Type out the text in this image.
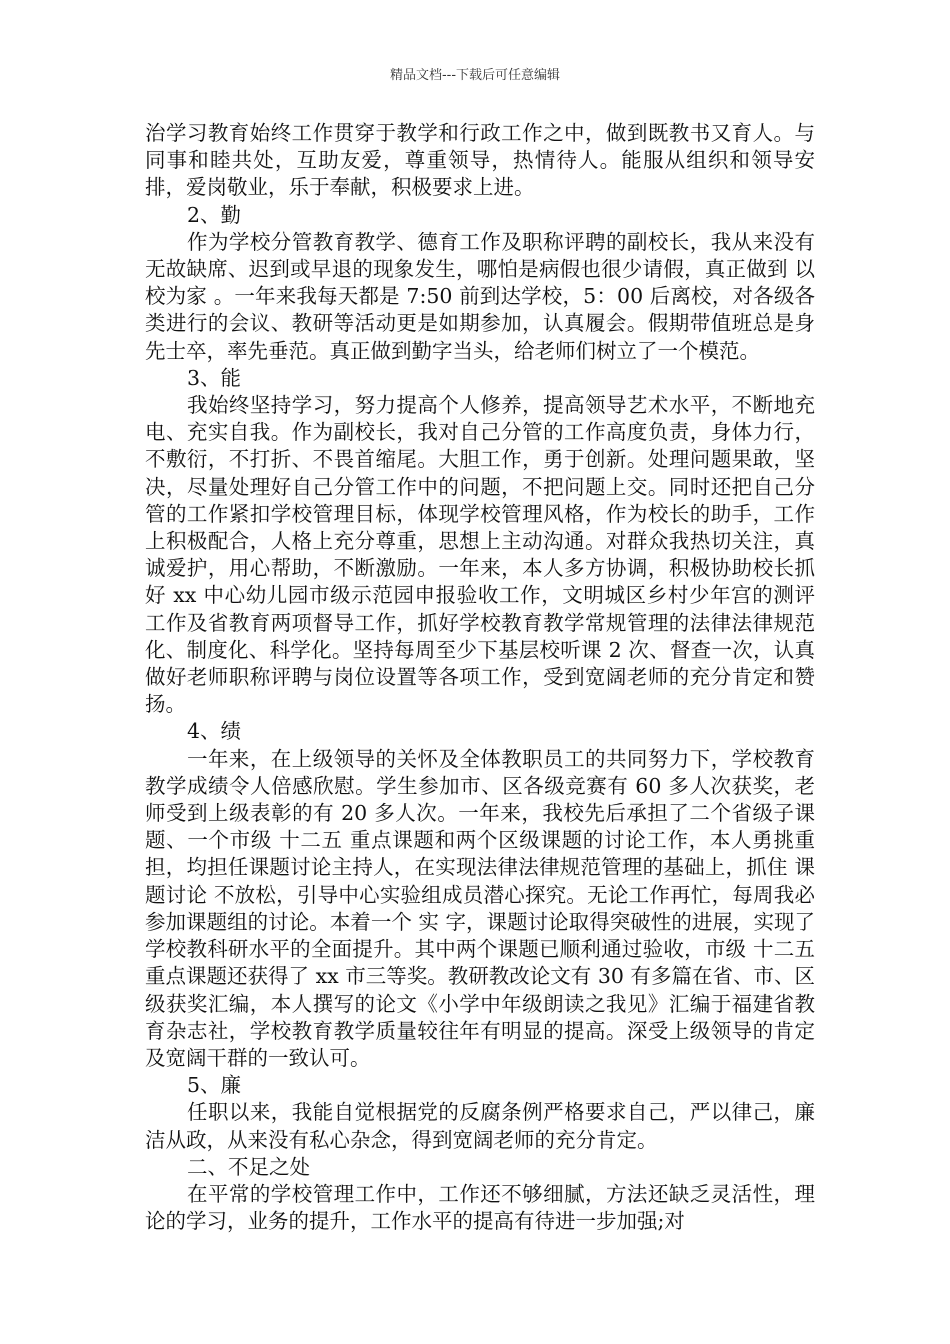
精品文档---下载后可任意编辑

治学习教育始终工作贯穿于教学和行政工作之中，做到既教书又育人。与同事和睦共处，互助友爱，尊重领导，热情待人。能服从组织和领导安排，爱岗敬业，乐于奉献，积极要求上进。

2、勤

作为学校分管教育教学、德育工作及职称评聘的副校长，我从来没有无故缺席、迟到或早退的现象发生，哪怕是病假也很少请假，真正做到 以校为家 。一年来我每天都是 7:50 前到达学校，5：00 后离校，对各级各类进行的会议、教研等活动更是如期参加，认真履会。假期带值班总是身先士卒，率先垂范。真正做到勤字当头，给老师们树立了一个模范。

3、能

我始终坚持学习，努力提高个人修养，提高领导艺术水平，不断地充电、充实自我。作为副校长，我对自己分管的工作高度负责，身体力行，不敷衍，不打折、不畏首缩尾。大胆工作，勇于创新。处理问题果敢，坚决，尽量处理好自己分管工作中的问题，不把问题上交。同时还把自己分管的工作紧扣学校管理目标，体现学校管理风格，作为校长的助手，工作上积极配合，人格上充分尊重，思想上主动沟通。对群众我热切关注，真诚爱护，用心帮助，不断激励。一年来，本人多方协调，积极协助校长抓好 xx 中心幼儿园市级示范园申报验收工作，文明城区乡村少年宫的测评工作及省教育两项督导工作，抓好学校教育教学常规管理的法律法律规范化、制度化、科学化。坚持每周至少下基层校听课 2 次、督查一次，认真做好老师职称评聘与岗位设置等各项工作，受到宽阔老师的充分肯定和赞扬。

4、绩

一年来，在上级领导的关怀及全体教职员工的共同努力下，学校教育教学成绩令人倍感欣慰。学生参加市、区各级竞赛有 60 多人次获奖，老师受到上级表彰的有 20 多人次。一年来，我校先后承担了二个省级子课题、一个市级 十二五 重点课题和两个区级课题的讨论工作，本人勇挑重担，均担任课题讨论主持人，在实现法律法律规范管理的基础上，抓住 课题讨论 不放松，引导中心实验组成员潜心探究。无论工作再忙，每周我必参加课题组的讨论。本着一个 实 字，课题讨论取得突破性的进展，实现了学校教科研水平的全面提升。其中两个课题已顺利通过验收，市级 十二五 重点课题还获得了 xx 市三等奖。教研教改论文有 30 有多篇在省、市、区级获奖汇编，本人撰写的论文《小学中年级朗读之我见》汇编于福建省教育杂志社，学校教育教学质量较往年有明显的提高。深受上级领导的肯定及宽阔干群的一致认可。

5、廉

任职以来，我能自觉根据党的反腐条例严格要求自己，严以律己，廉洁从政，从来没有私心杂念，得到宽阔老师的充分肯定。

二、不足之处

在平常的学校管理工作中，工作还不够细腻，方法还缺乏灵活性，理论的学习，业务的提升，工作水平的提高有待进一步加强;对
